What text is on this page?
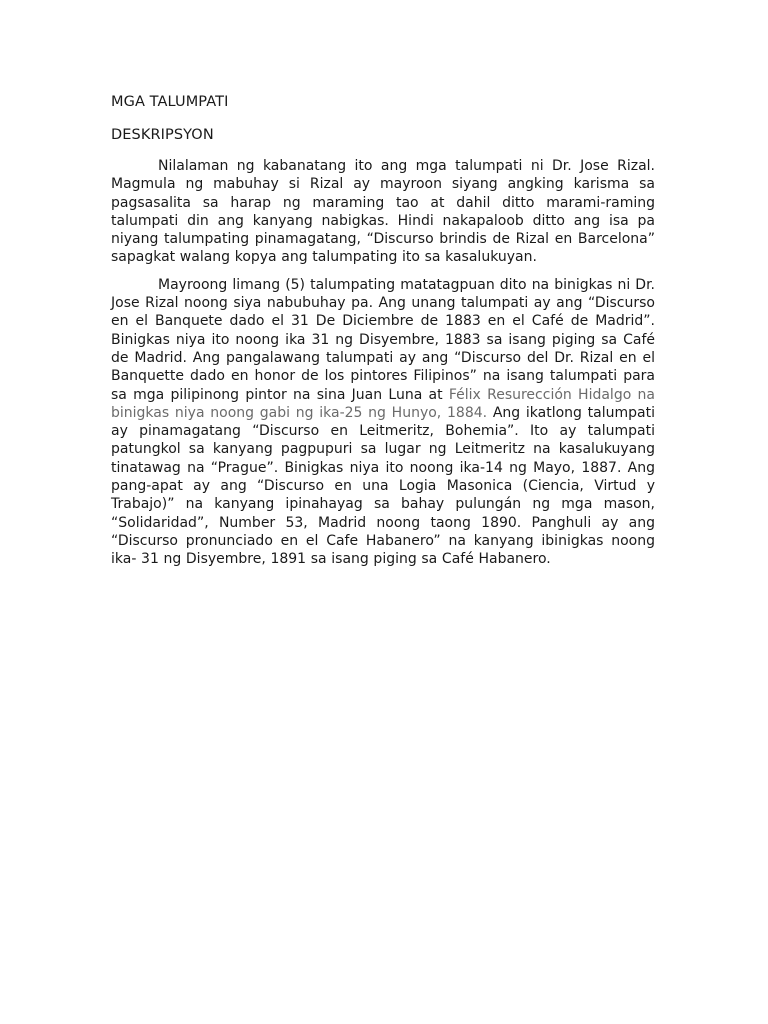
MGA TALUMPATI
DESKRIPSYON

Nilalaman ng kabanatang ito ang mga talumpati ni Dr. Jose Rizal. Magmula ng mabuhay si Rizal ay mayroon siyang angking karisma sa pagsasalita sa harap ng maraming tao at dahil ditto marami-raming talumpati din ang kanyang nabigkas. Hindi nakapaloob ditto ang isa pa niyang talumpating pinamagatang, “Discurso brindis de Rizal en Barcelona” sapagkat walang kopya ang talumpating ito sa kasalukuyan.

Mayroong limang (5) talumpating matatagpuan dito na binigkas ni Dr. Jose Rizal noong siya nabubuhay pa. Ang unang talumpati ay ang “Discurso en el Banquete dado el 31 De Diciembre de 1883 en el Café de Madrid”. Binigkas niya ito noong ika 31 ng Disyembre, 1883 sa isang piging sa Café de Madrid. Ang pangalawang talumpati ay ang “Discurso del Dr. Rizal en el Banquette dado en honor de los pintores Filipinos” na isang talumpati para sa mga pilipinong pintor na sina Juan Luna at Félix Resurección Hidalgo na binigkas niya noong gabi ng ika-25 ng Hunyo, 1884. Ang ikatlong talumpati ay pinamagatang “Discurso en Leitmeritz, Bohemia”. Ito ay talumpati patungkol sa kanyang pagpupuri sa lugar ng Leitmeritz na kasalukuyang tinatawag na “Prague”. Binigkas niya ito noong ika-14 ng Mayo, 1887. Ang pang-apat ay ang “Discurso en una Logia Masonica (Ciencia, Virtud y Trabajo)” na kanyang ipinahayag sa bahay pulungán ng mga mason, “Solidaridad”, Number 53, Madrid noong taong 1890. Panghuli ay ang “Discurso pronunciado en el Cafe Habanero” na kanyang ibinigkas noong ika- 31 ng Disyembre, 1891 sa isang piging sa Café Habanero.
